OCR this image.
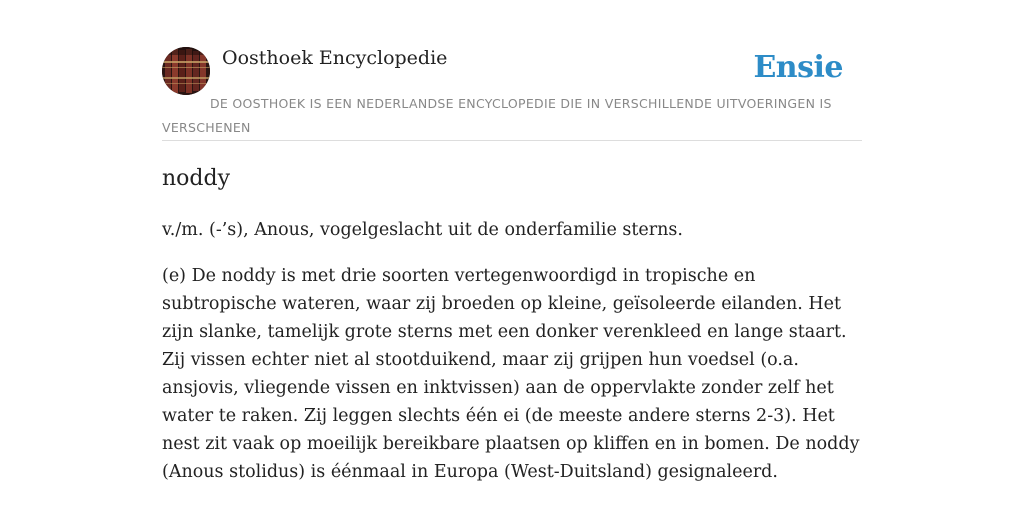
Oosthoek Encyclopedie	Ensie
DE OOSTHOEK IS EEN NEDERLANDSE ENCYCLOPEDIE DIE IN VERSCHILLENDE UITVOERINGEN IS VERSCHENEN
noddy

v./m. (-’s), Anous, vogelgeslacht uit de onderfamilie sterns.

(e) De noddy is met drie soorten vertegenwoordigd in tropische en subtropische wateren, waar zij broeden op kleine, geïsoleerde eilanden. Het zijn slanke, tamelijk grote sterns met een donker verenkleed en lange staart. Zij vissen echter niet al stootduikend, maar zij grijpen hun voedsel (o.a. ansjovis, vliegende vissen en inktvissen) aan de oppervlakte zonder zelf het water te raken. Zij leggen slechts één ei (de meeste andere sterns 2-3). Het nest zit vaak op moeilijk bereikbare plaatsen op kliffen en in bomen. De noddy (Anous stolidus) is éénmaal in Europa (West-Duitsland) gesignaleerd.
